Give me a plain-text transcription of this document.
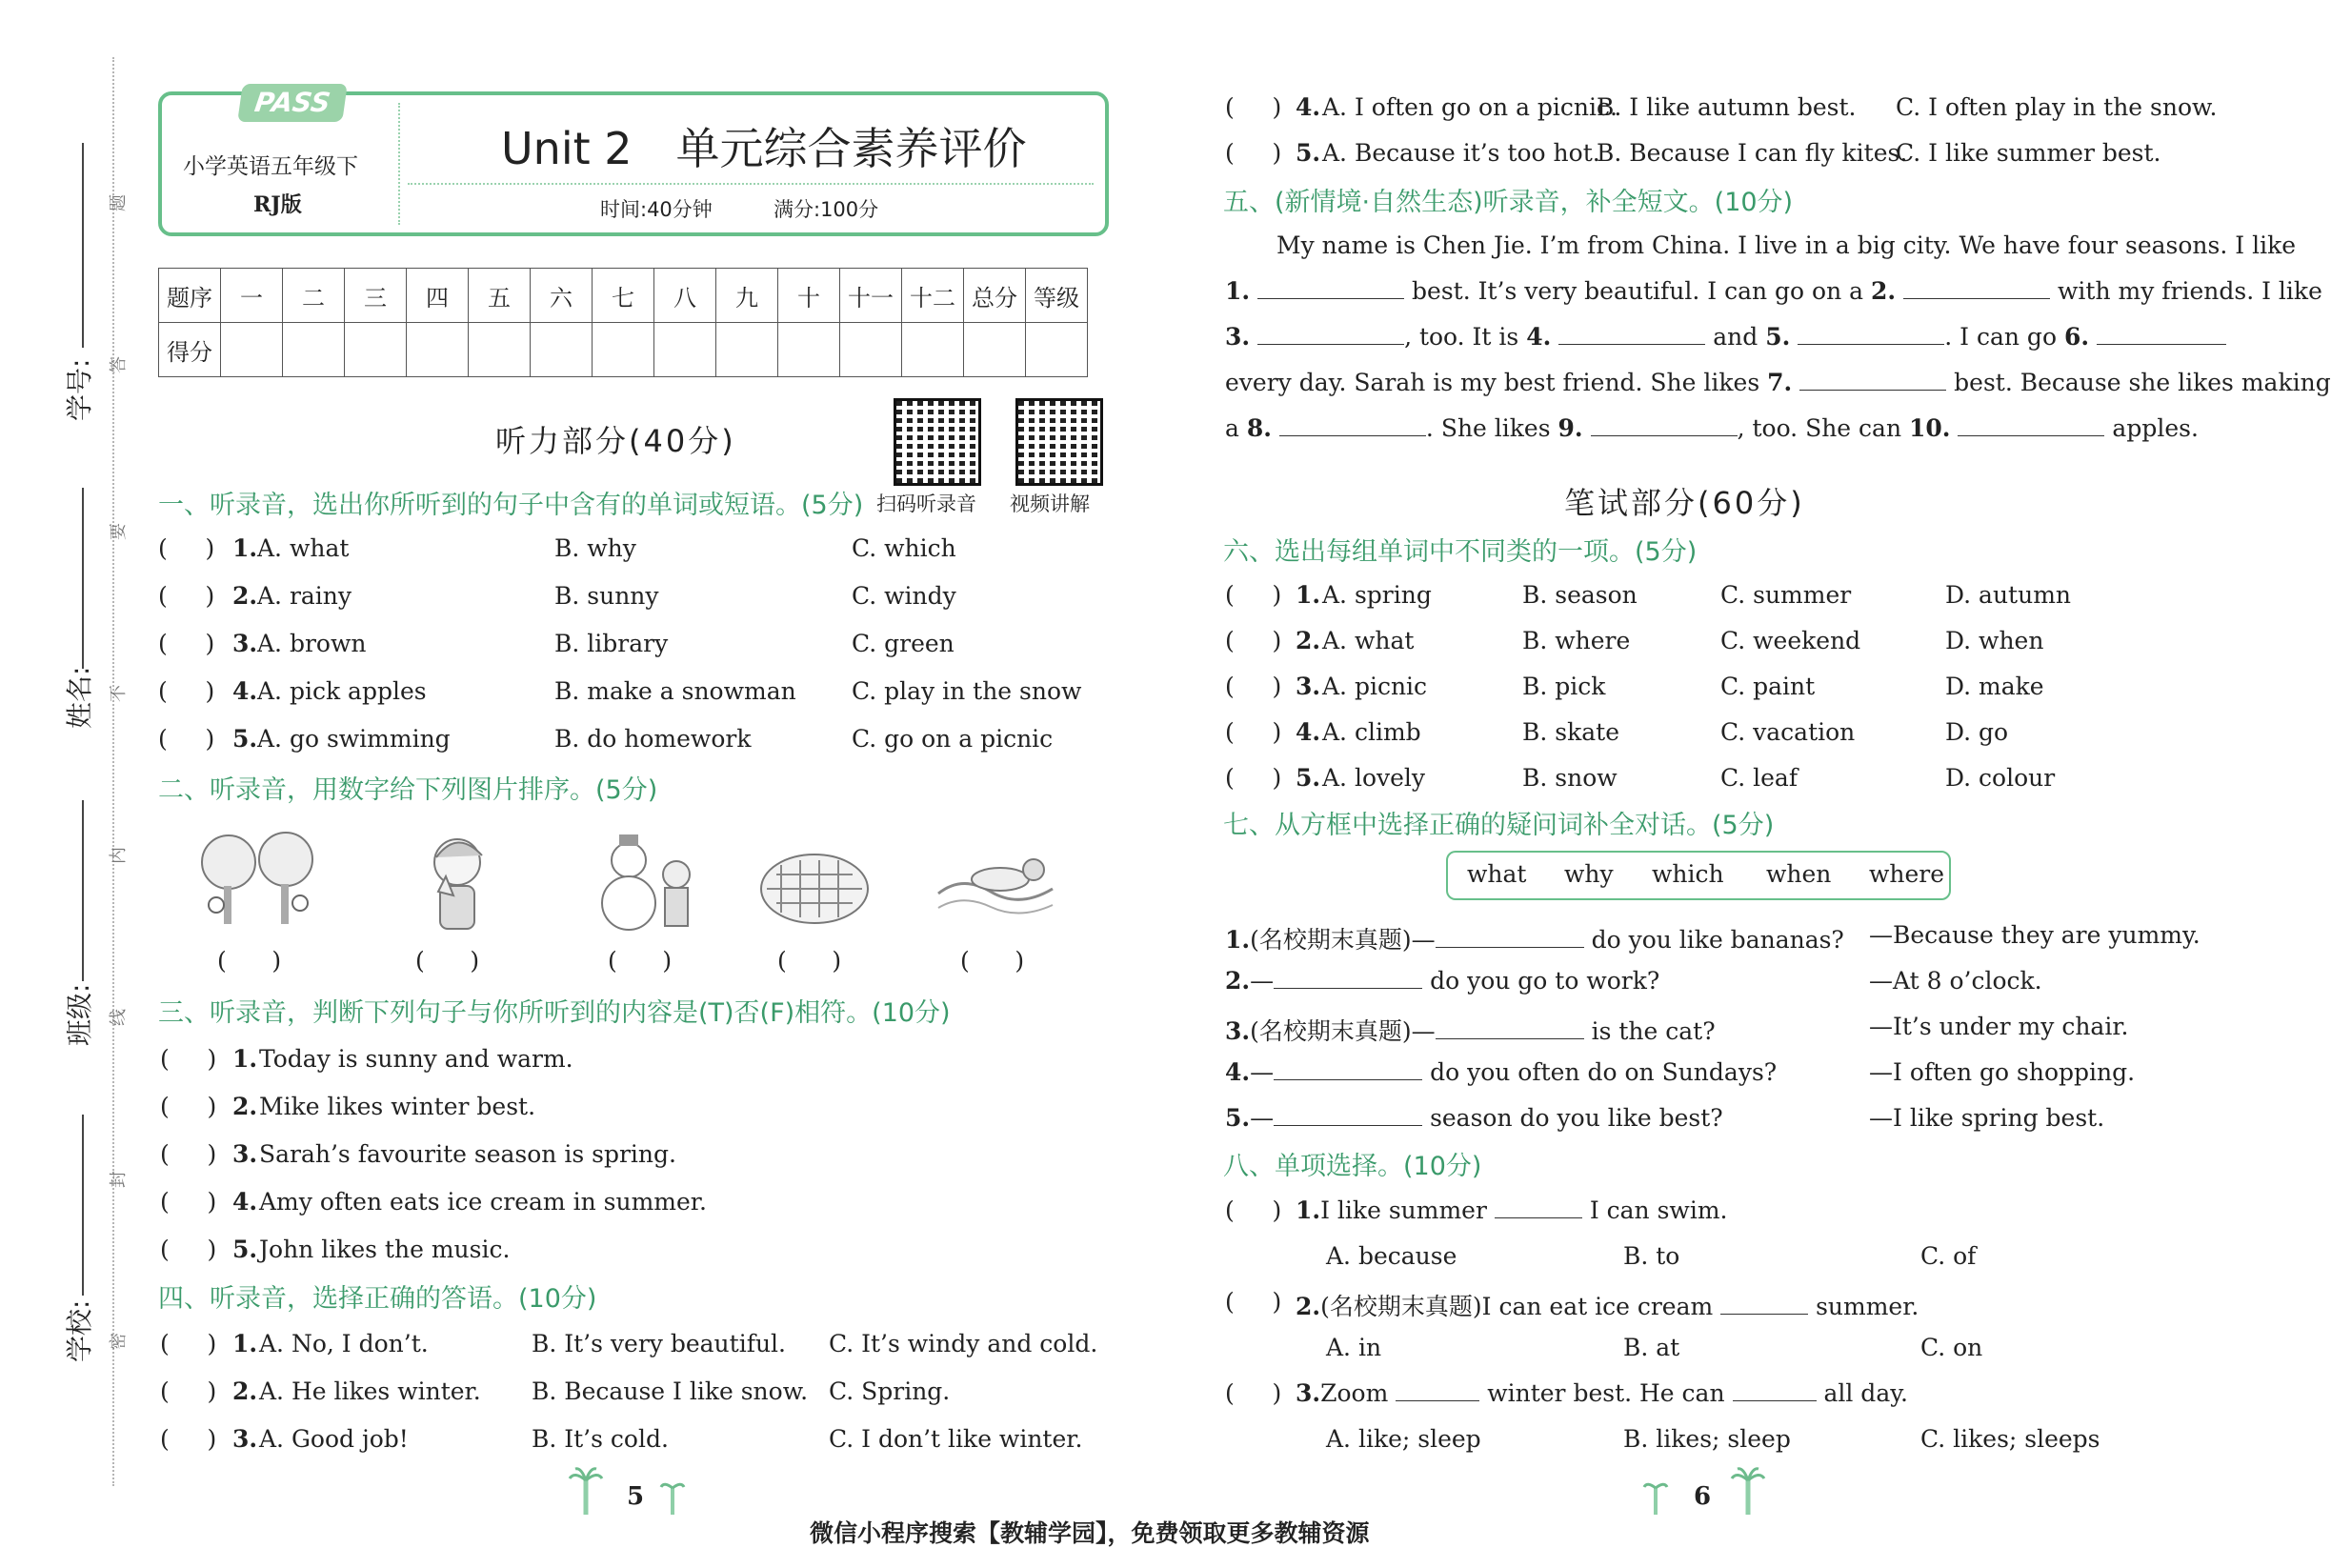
学号:
姓名:
班级:
学校:
题
答
要
不
内
线
封
密
PASS
小学英语五年级下
RJ版
Unit 2　单元综合素养评价
时间:40分钟	满分:100分
题序	一	二	三	四	五	六	七	八	九	十	十一	十二	总分	等级
得分														
听力部分(40分)
扫码听录音 视频讲解
一、听录音，选出你所听到的句子中含有的单词或短语。(5分)
(     ) 1. A. what	B. why	C. which
(     ) 2. A. rainy	B. sunny	C. windy
(     ) 3. A. brown	B. library	C. green
(     ) 4. A. pick apples	B. make a snowman C. play in the snow
(     ) 5. A. go swimming	B. do homework	C. go on a picnic
二、听录音，用数字给下列图片排序。(5分)
(      )	(      )	(      )	(      )	(      )
三、听录音，判断下列句子与你所听到的内容是(T)否(F)相符。(10分)
(     ) 1. Today is sunny and warm.
(     ) 2. Mike likes winter best.
(     ) 3. Sarah’s favourite season is spring.
(     ) 4. Amy often eats ice cream in summer.
(     ) 5. John likes the music.
四、听录音，选择正确的答语。(10分)
(     ) 1. A. No, I don’t.	B. It’s very beautiful. C. It’s windy and cold.
(     ) 2. A. He likes winter. B. Because I like snow. C. Spring.
(     ) 3. A. Good job!	B. It’s cold.	C. I don’t like winter.
(     ) 4. A. I often go on a picnic.
B. I like autumn best. C. I often play in the snow.
(     ) 5. A. Because it’s too hot.
B. Because I can fly kites.
C. I like summer best.
五、(新情境·自然生态)听录音，补全短文。(10分)
My name is Chen Jie. I’m from China. I live in a big city. We have four seasons. I like
1.	best. It’s very beautiful. I can go on a 2.	with my friends. I like
3.	, too. It is 4.	and 5.	. I can go 6.
every day. Sarah is my best friend. She likes 7.	best. Because she likes making
a 8.	. She likes 9.	, too. She can 10.	apples.
笔试部分(60分)
六、选出每组单词中不同类的一项。(5分)
(     ) 1. A. spring	B. season	C. summer	D. autumn
(     ) 2. A. what	B. where	C. weekend	D. when
(     ) 3. A. picnic	B. pick	C. paint	D. make
(     ) 4. A. climb	B. skate	C. vacation	D. go
(     ) 5. A. lovely	B. snow	C. leaf	D. colour
七、从方框中选择正确的疑问词补全对话。(5分)
what why which when where
1.(名校期末真题)—	do you like bananas? —Because they are yummy.
2.—	do you go to work?	—At 8 o’clock.
3.(名校期末真题)—	is the cat?	—It’s under my chair.
4.—	do you often do on Sundays?	—I often go shopping.
5.—	season do you like best?	—I like spring best.
八、单项选择。(10分)
(     ) 1.I like summer	I can swim.
A. because	B. to	C. of
(     ) 2.(名校期末真题)I can eat ice cream	summer.
A. in	B. at	C. on
(     ) 3.Zoom	winter best. He can	all day.
A. like; sleep	B. likes; sleep	C. likes; sleeps
5	6
微信小程序搜索【教辅学园】，免费领取更多教辅资源
